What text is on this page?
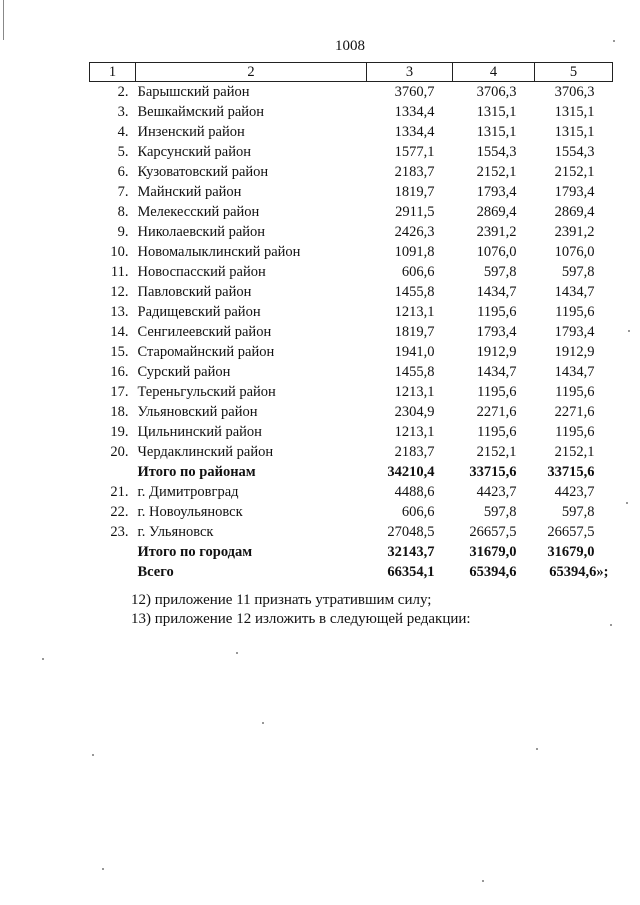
1008
1	2	3	4	5
2.	Барышский район	3760,7	3706,3	3706,3
3.	Вешкаймский район	1334,4	1315,1	1315,1
4.	Инзенский район	1334,4	1315,1	1315,1
5.	Карсунский район	1577,1	1554,3	1554,3
6.	Кузоватовский район	2183,7	2152,1	2152,1
7.	Майнский район	1819,7	1793,4	1793,4
8.	Мелекесский район	2911,5	2869,4	2869,4
9.	Николаевский район	2426,3	2391,2	2391,2
10.	Новомалыклинский район	1091,8	1076,0	1076,0
11.	Новоспасский район	606,6	597,8	597,8
12.	Павловский район	1455,8	1434,7	1434,7
13.	Радищевский район	1213,1	1195,6	1195,6
14.	Сенгилеевский район	1819,7	1793,4	1793,4
15.	Старомайнский район	1941,0	1912,9	1912,9
16.	Сурский район	1455,8	1434,7	1434,7
17.	Тереньгульский район	1213,1	1195,6	1195,6
18.	Ульяновский район	2304,9	2271,6	2271,6
19.	Цильнинский район	1213,1	1195,6	1195,6
20.	Чердаклинский район	2183,7	2152,1	2152,1
	Итого по районам	34210,4	33715,6	33715,6
21.	г. Димитровград	4488,6	4423,7	4423,7
22.	г. Новоульяновск	606,6	597,8	597,8
23.	г. Ульяновск	27048,5	26657,5	26657,5
	Итого по городам	32143,7	31679,0	31679,0
	Всего	66354,1	65394,6	65394,6»;
12) приложение 11 признать утратившим силу;
13) приложение 12 изложить в следующей редакции:
